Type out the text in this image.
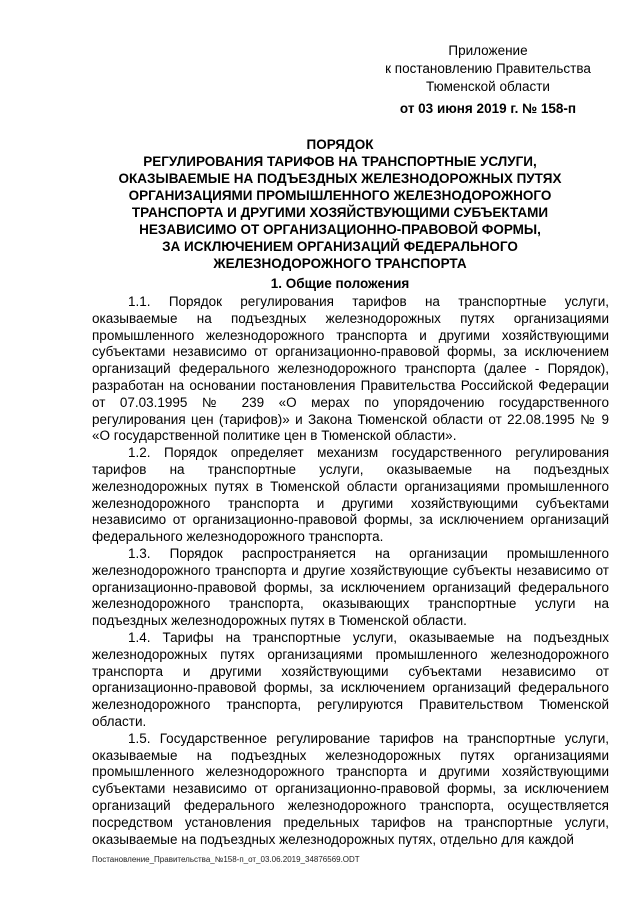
Приложение
к постановлению Правительства
Тюменской области
от 03 июня 2019 г. № 158-п
ПОРЯДОК
РЕГУЛИРОВАНИЯ ТАРИФОВ НА ТРАНСПОРТНЫЕ УСЛУГИ,
ОКАЗЫВАЕМЫЕ НА ПОДЪЕЗДНЫХ ЖЕЛЕЗНОДОРОЖНЫХ ПУТЯХ
ОРГАНИЗАЦИЯМИ ПРОМЫШЛЕННОГО ЖЕЛЕЗНОДОРОЖНОГО
ТРАНСПОРТА И ДРУГИМИ ХОЗЯЙСТВУЮЩИМИ СУБЪЕКТАМИ
НЕЗАВИСИМО ОТ ОРГАНИЗАЦИОННО-ПРАВОВОЙ ФОРМЫ,
ЗА ИСКЛЮЧЕНИЕМ ОРГАНИЗАЦИЙ ФЕДЕРАЛЬНОГО
ЖЕЛЕЗНОДОРОЖНОГО ТРАНСПОРТА
1. Общие положения

1.1. Порядок регулирования тарифов на транспортные услуги, оказываемые на подъездных железнодорожных путях организациями промышленного железнодорожного транспорта и другими хозяйствующими субъектами независимо от организационно-правовой формы, за исключением организаций федерального железнодорожного транспорта (далее - Порядок), разработан на основании постановления Правительства Российской Федерации от 07.03.1995 № 239 «О мерах по упорядочению государственного регулирования цен (тарифов)» и Закона Тюменской области от 22.08.1995 № 9 «О государственной политике цен в Тюменской области».

1.2. Порядок определяет механизм государственного регулирования тарифов на транспортные услуги, оказываемые на подъездных железнодорожных путях в Тюменской области организациями промышленного железнодорожного транспорта и другими хозяйствующими субъектами независимо от организационно-правовой формы, за исключением организаций федерального железнодорожного транспорта.

1.3. Порядок распространяется на организации промышленного железнодорожного транспорта и другие хозяйствующие субъекты независимо от организационно-правовой формы, за исключением организаций федерального железнодорожного транспорта, оказывающих транспортные услуги на подъездных железнодорожных путях в Тюменской области.

1.4. Тарифы на транспортные услуги, оказываемые на подъездных железнодорожных путях организациями промышленного железнодорожного транспорта и другими хозяйствующими субъектами независимо от организационно-правовой формы, за исключением организаций федерального железнодорожного транспорта, регулируются Правительством Тюменской области.

1.5. Государственное регулирование тарифов на транспортные услуги, оказываемые на подъездных железнодорожных путях организациями промышленного железнодорожного транспорта и другими хозяйствующими субъектами независимо от организационно-правовой формы, за исключением организаций федерального железнодорожного транспорта, осуществляется посредством установления предельных тарифов на транспортные услуги, оказываемые на подъездных железнодорожных путях, отдельно для каждой

Постановление_Правительства_№158-п_от_03.06.2019_34876569.ODT
